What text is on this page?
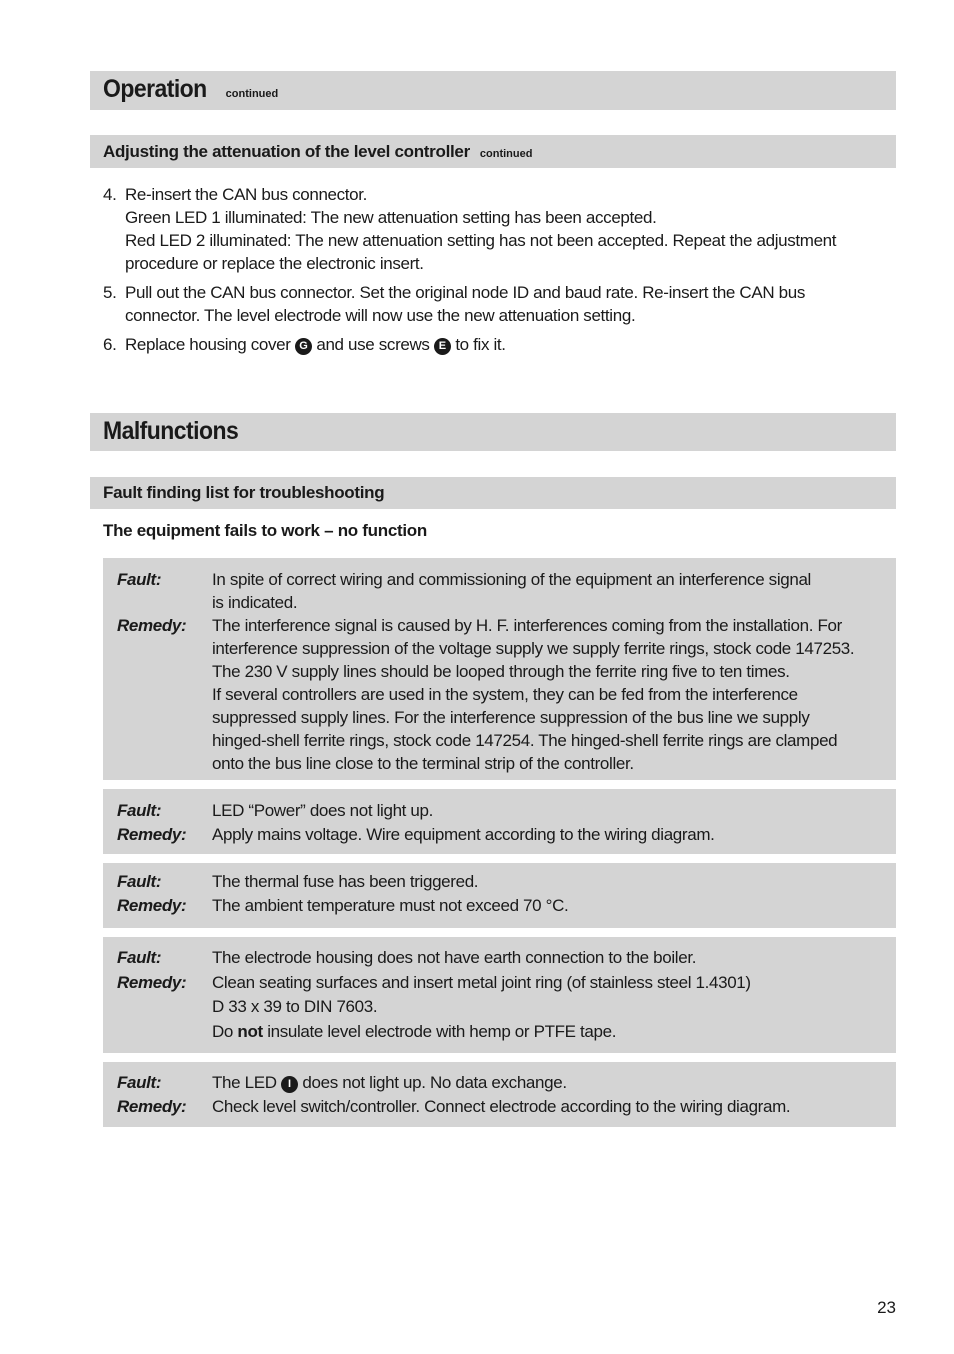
Operation continued
Adjusting the attenuation of the level controller continued
4. Re-insert the CAN bus connector.
Green LED 1 illuminated: The new attenuation setting has been accepted.
Red LED 2 illuminated: The new attenuation setting has not been accepted. Repeat the adjustment
procedure or replace the electronic insert.
5. Pull out the CAN bus connector. Set the original node ID and baud rate. Re-insert the CAN bus
connector. The level electrode will now use the new attenuation setting.
6. Replace housing cover G and use screws E to fix it.
Malfunctions
Fault finding list for troubleshooting
The equipment fails to work – no function
Fault:	In spite of correct wiring and commissioning of the equipment an interference signal
is indicated.
Remedy:	The interference signal is caused by H. F. interferences coming from the installation. For
interference suppression of the voltage supply we supply ferrite rings, stock code 147253.
The 230 V supply lines should be looped through the ferrite ring five to ten times.
If several controllers are used in the system, they can be fed from the interference
suppressed supply lines. For the interference suppression of the bus line we supply
hinged-shell ferrite rings, stock code 147254. The hinged-shell ferrite rings are clamped
onto the bus line close to the terminal strip of the controller.
Fault:	LED “Power” does not light up.
Remedy:	Apply mains voltage. Wire equipment according to the wiring diagram.
Fault:	The thermal fuse has been triggered.
Remedy:	The ambient temperature must not exceed 70 °C.
Fault:	The electrode housing does not have earth connection to the boiler.
Remedy:	Clean seating surfaces and insert metal joint ring (of stainless steel 1.4301)
D 33 x 39 to DIN 7603.
Do not insulate level electrode with hemp or PTFE tape.
Fault:	The LED I does not light up. No data exchange.
Remedy:	Check level switch/controller. Connect electrode according to the wiring diagram.
23
